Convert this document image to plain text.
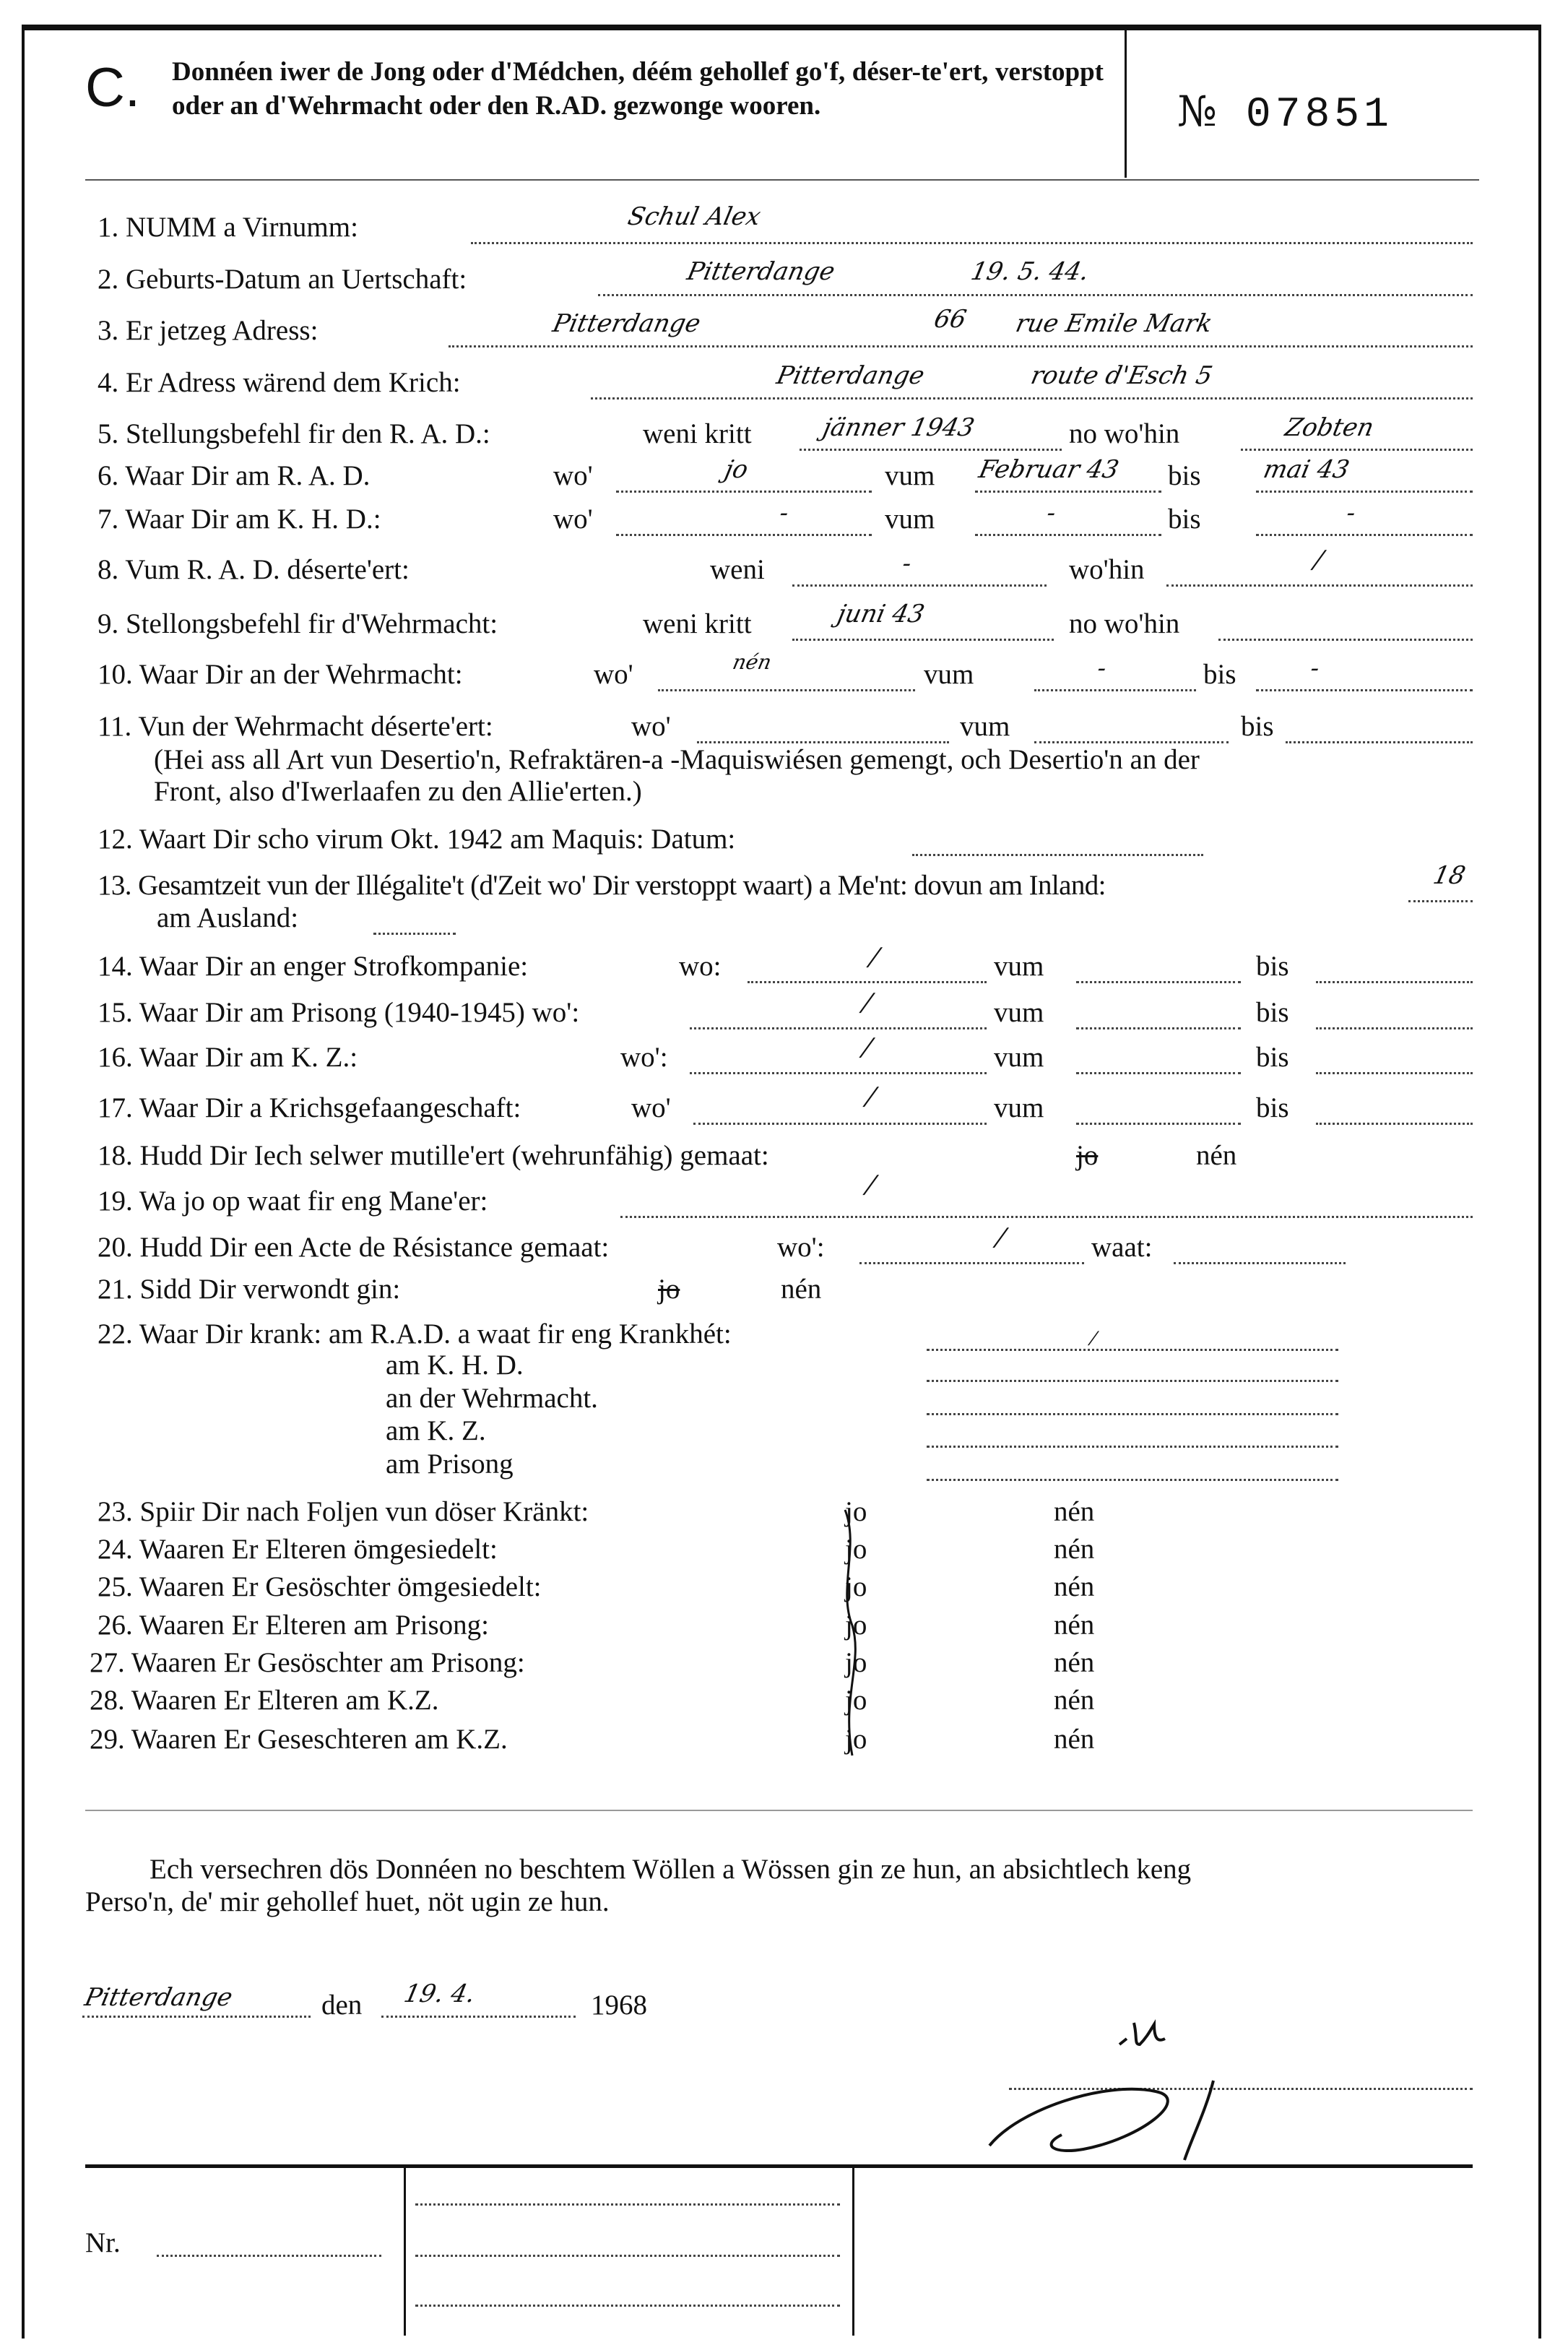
C. Donnéen iwer de Jong oder d'Médchen, déém gehollef go'f, déser-te'ert, verstoppt oder an d'Wehrmacht oder den R.AD. gezwonge wooren.	№ 07851
1. NUMM a Virnumm:	Schul Alex
2. Geburts-Datum an Uertschaft:	Pitterdange	19. 5. 44.
3. Er jetzeg Adress:	Pitterdange	66 rue Emile Mark
4. Er Adress wärend dem Krich:	Pitterdange	route d'Esch 5
5. Stellungsbefehl fir den R. A. D.:	weni kritt	jänner 1943	no wo'hin	Zobten
6. Waar Dir am R. A. D.	wo'	jo	vum Februar 43 bis mai 43
7. Waar Dir am K. H. D.:	wo'	-	vum	-	bis	-
8. Vum R. A. D. déserte'ert:	weni	-	wo'hin	/
9. Stellongsbefehl fir d'Wehrmacht:	weni kritt	juni 43	no wo'hin
10. Waar Dir an der Wehrmacht:	wo'	nén	vum	-	bis	-
11. Vun der Wehrmacht déserte'ert:	wo'	vum	bis
(Hei ass all Art vun Desertio'n, Refraktären-a -Maquiswiésen gemengt, och Desertio'n an der
Front, also d'Iwerlaafen zu den Allie'erten.)
12. Waart Dir scho virum Okt. 1942 am Maquis: Datum:
13. Gesamtzeit vun der Illégalite't (d'Zeit wo' Dir verstoppt waart) a Me'nt: dovun am Inland:	18
am Ausland:
14. Waar Dir an enger Strofkompanie:	wo:	/	vum	bis
15. Waar Dir am Prisong (1940-1945) wo':	/	vum	bis
16. Waar Dir am K. Z.:	wo':	/	vum	bis
17. Waar Dir a Krichsgefaangeschaft:	wo'	/	vum	bis
18. Hudd Dir Iech selwer mutille'ert (wehrunfähig) gemaat:	jo	nén
19. Wa jo op waat fir eng Mane'er:
/
20. Hudd Dir een Acte de Résistance gemaat:	wo':	/	waat:
21. Sidd Dir verwondt gin:	jo	nén
22. Waar Dir krank: am R.A.D. a waat fir eng Krankhét:	/
am K. H. D.
an der Wehrmacht.
am K. Z.
am Prisong
23. Spiir Dir nach Foljen vun döser Kränkt:	jo	nén
24. Waaren Er Elteren ömgesiedelt:	jo	nén
25. Waaren Er Gesöschter ömgesiedelt:	jo	nén
26. Waaren Er Elteren am Prisong:	jo	nén
27. Waaren Er Gesöschter am Prisong:	jo	nén
28. Waaren Er Elteren am K.Z.	jo	nén
29. Waaren Er Geseschteren am K.Z.	jo	nén
Ech versechren dös Donnéen no beschtem Wöllen a Wössen gin ze hun, an absichtlech keng
Perso'n, de' mir gehollef huet, nöt ugin ze hun.
Pitterdange	den 19. 4.	1968
Nr.
